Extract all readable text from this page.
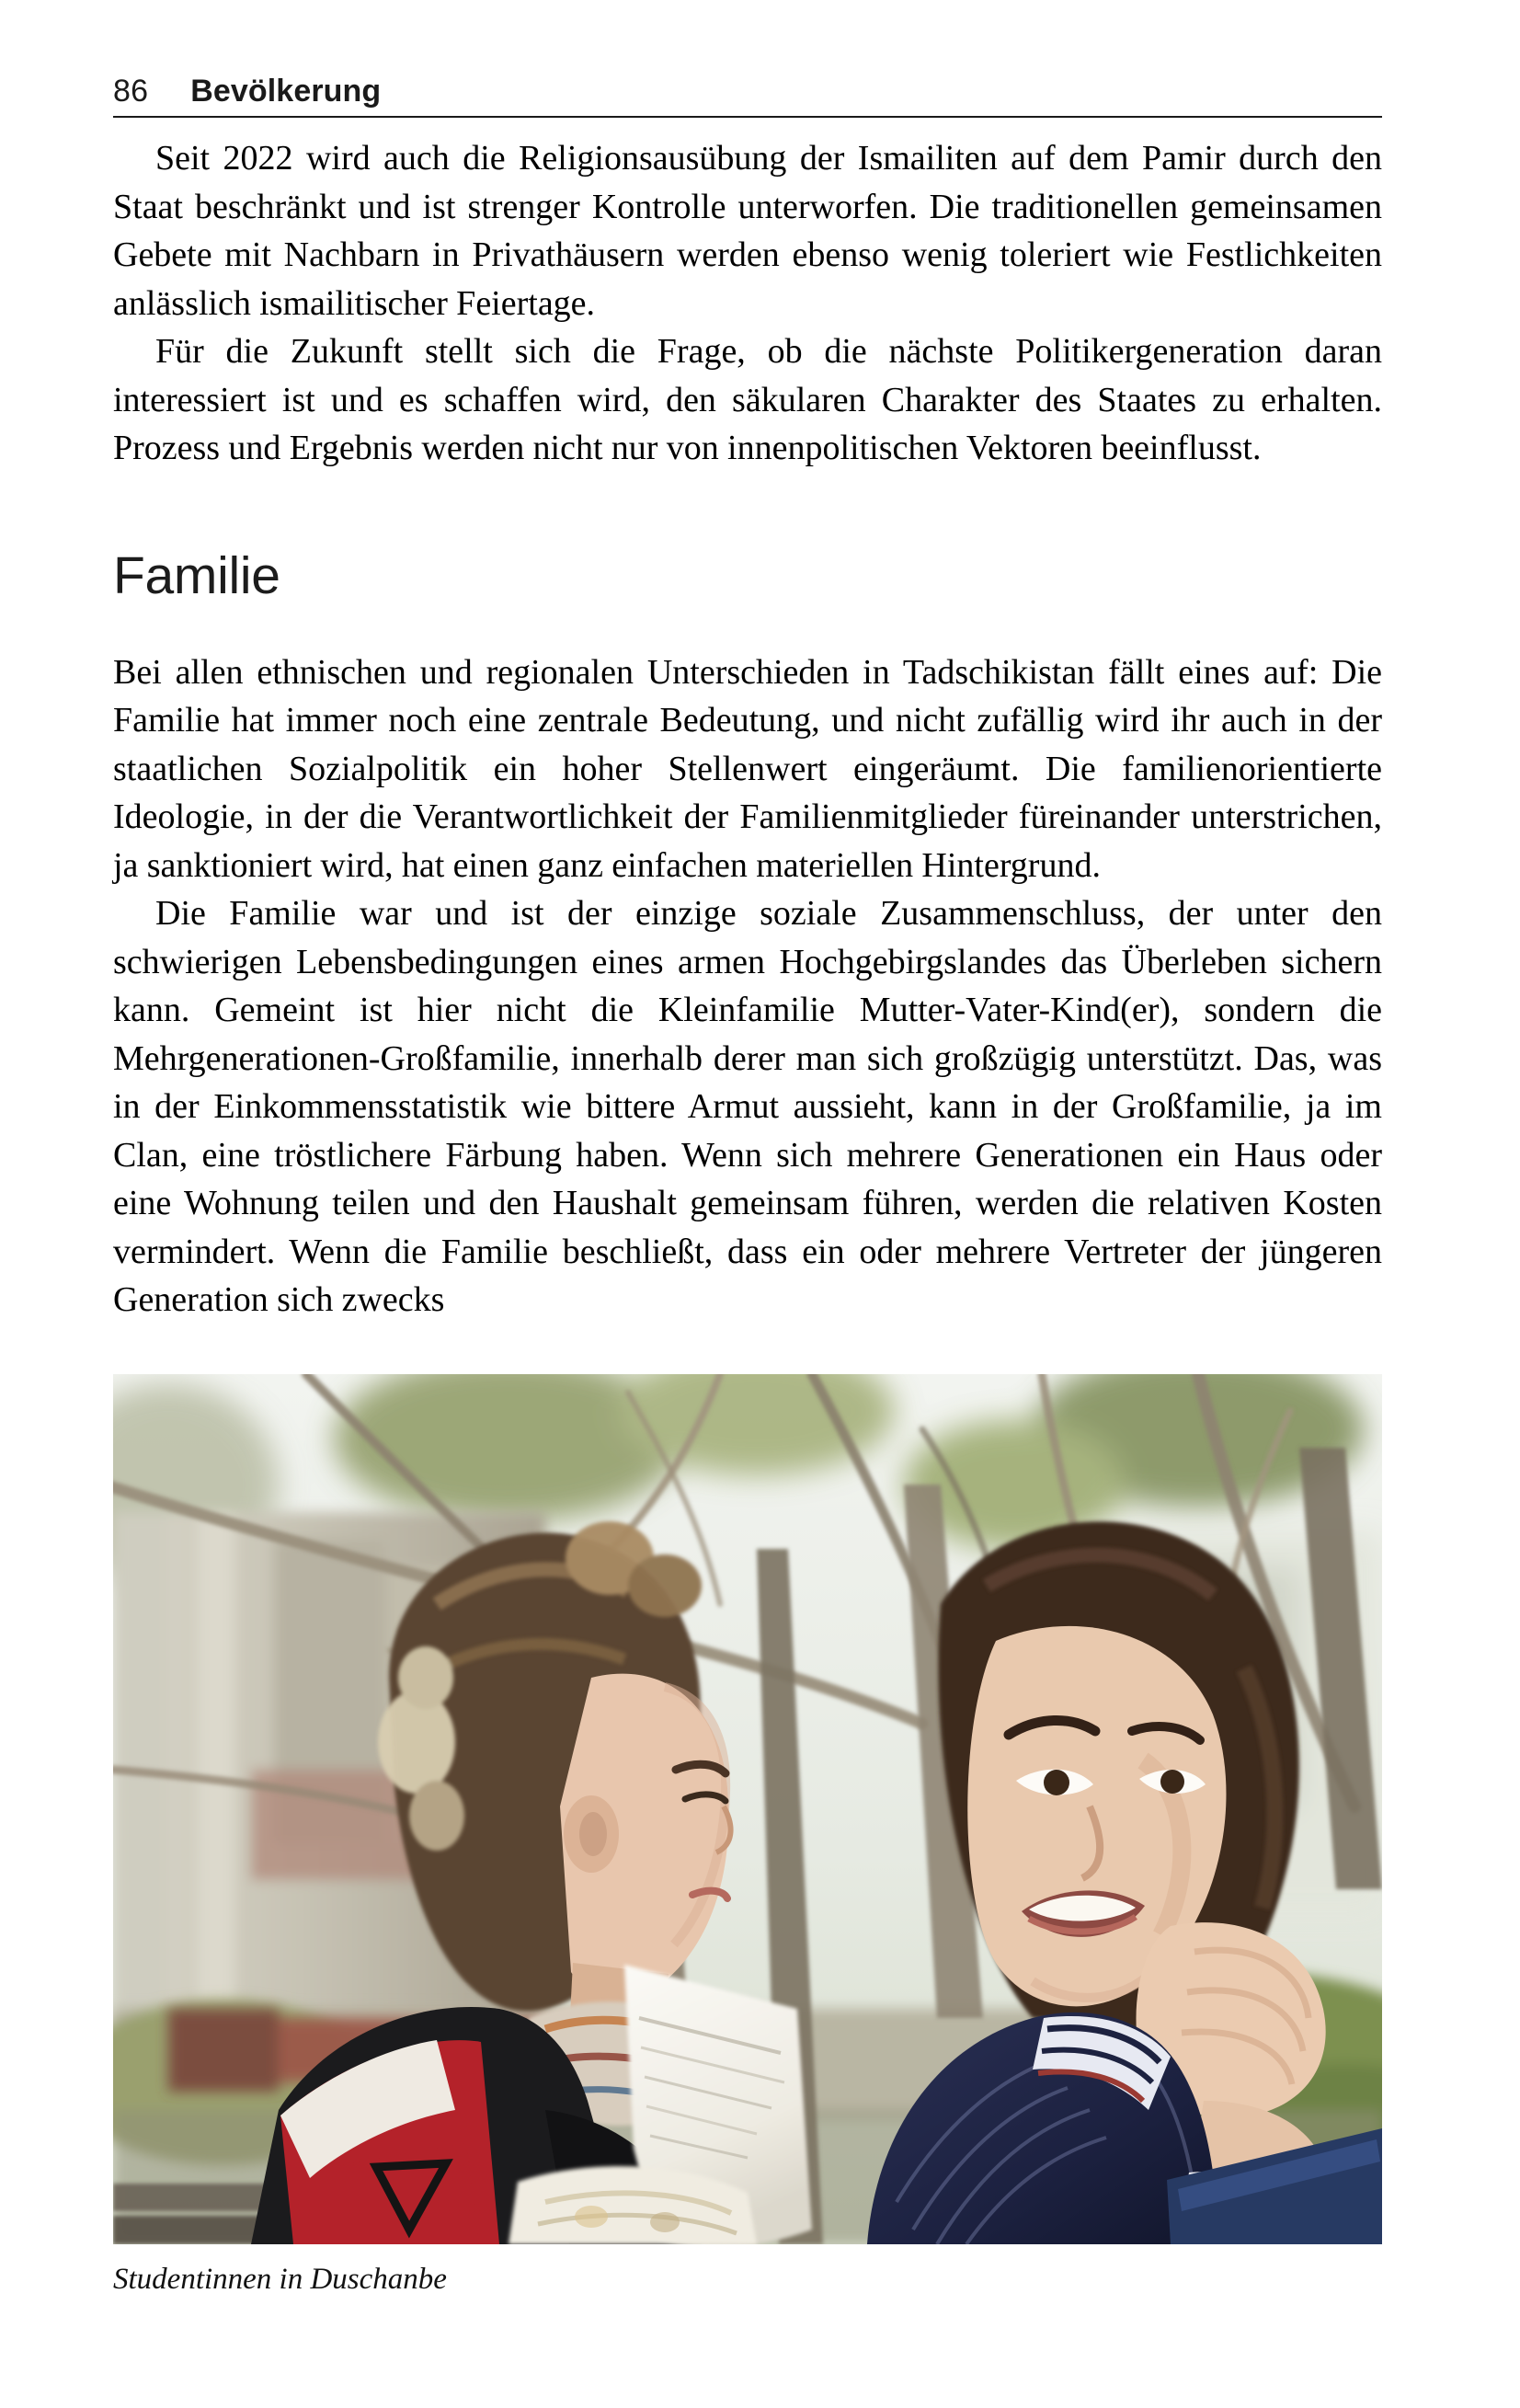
86 Bevölkerung

Seit 2022 wird auch die Religionsausübung der Ismailiten auf dem Pamir durch den Staat beschränkt und ist strenger Kontrolle unterworfen. Die traditionellen gemeinsamen Gebete mit Nachbarn in Privathäusern werden ebenso wenig toleriert wie Festlichkeiten anlässlich ismailitischer Feiertage.

Für die Zukunft stellt sich die Frage, ob die nächste Politikergeneration daran interessiert ist und es schaffen wird, den säkularen Charakter des Staates zu erhalten. Prozess und Ergebnis werden nicht nur von innenpolitischen Vektoren beeinflusst.

Familie

Bei allen ethnischen und regionalen Unterschieden in Tadschikistan fällt eines auf: Die Familie hat immer noch eine zentrale Bedeutung, und nicht zufällig wird ihr auch in der staatlichen Sozialpolitik ein hoher Stellenwert eingeräumt. Die familienorientierte Ideologie, in der die Verantwortlichkeit der Familienmitglieder füreinander unterstrichen, ja sanktioniert wird, hat einen ganz einfachen materiellen Hintergrund.

Die Familie war und ist der einzige soziale Zusammenschluss, der unter den schwierigen Lebensbedingungen eines armen Hochgebirgslandes das Überleben sichern kann. Gemeint ist hier nicht die Kleinfamilie Mutter-Vater-Kind(er), sondern die Mehrgenerationen-Großfamilie, innerhalb derer man sich großzügig unterstützt. Das, was in der Einkommensstatistik wie bittere Armut aussieht, kann in der Großfamilie, ja im Clan, eine tröstlichere Färbung haben. Wenn sich mehrere Generationen ein Haus oder eine Wohnung teilen und den Haushalt gemeinsam führen, werden die relativen Kosten vermindert. Wenn die Familie beschließt, dass ein oder mehrere Vertreter der jüngeren Generation sich zwecks

Studentinnen in Duschanbe
